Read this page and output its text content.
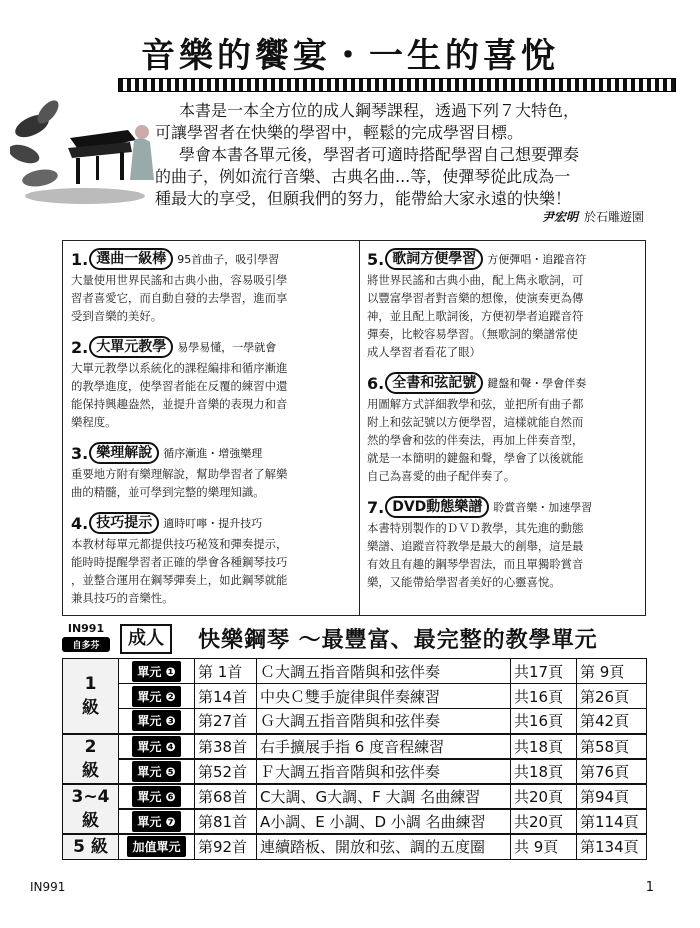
音樂的饗宴・一生的喜悅

本書是一本全方位的成人鋼琴課程，透過下列７大特色，

可讓學習者在快樂的學習中，輕鬆的完成學習目標。

學會本書各單元後，學習者可適時搭配學習自己想要彈奏

的曲子，例如流行音樂、古典名曲...等，使彈琴從此成為一

種最大的享受，但願我們的努力，能帶給大家永遠的快樂！

尹宏明 於石雕遊園
1. 選曲一級棒	95首曲子，吸引學習
大量使用世界民謠和古典小曲，容易吸引學
習者喜愛它，而自動自發的去學習，進而享
受到音樂的美好。
2. 大單元教學	易學易懂，一學就會
大單元教學以系統化的課程編排和循序漸進
的教學進度，使學習者能在反覆的練習中還
能保持興趣盎然，並提升音樂的表現力和音
樂程度。
3. 樂理解說	循序漸進・增強樂理
重要地方附有樂理解說，幫助學習者了解樂
曲的精髓，並可學到完整的樂理知識。
4. 技巧提示	適時叮嚀・提升技巧
本教材每單元都提供技巧秘笈和彈奏提示，
能時時提醒學習者正確的學會各種鋼琴技巧
，並整合運用在鋼琴彈奏上，如此鋼琴就能
兼具技巧的音樂性。
5. 歌詞方便學習	方便彈唱・追蹤音符
將世界民謠和古典小曲，配上雋永歌詞，可
以豐富學習者對音樂的想像，使演奏更為傳
神，並且配上歌詞後，方便初學者追蹤音符
彈奏，比較容易學習。（無歌詞的樂譜常使
成人學習者看花了眼）
6. 全書和弦記號	鍵盤和聲・學會伴奏
用圖解方式詳細教學和弦，並把所有曲子都
附上和弦記號以方便學習，這樣就能自然而
然的學會和弦的伴奏法，再加上伴奏音型，
就是一本簡明的鍵盤和聲，學會了以後就能
自己為喜愛的曲子配伴奏了。
7. DVD動態樂譜	聆賞音樂・加速學習
本書特別製作的ＤＶＤ教學，其先進的動態
樂譜、追蹤音符教學是最大的創舉，這是最
有效且有趣的鋼琴學習法，而且單獨聆賞音
樂，又能帶給學習者美好的心靈喜悅。
IN991
自多芬	成人	快樂鋼琴 ～最豐富、最完整的教學單元
1
級	單元 ❶	第 1首	Ｃ大調五指音階與和弦伴奏	共17頁	第 9頁
	單元 ❷	第14首	中央Ｃ雙手旋律與伴奏練習	共16頁	第26頁
	單元 ❸	第27首	Ｇ大調五指音階與和弦伴奏	共16頁	第42頁
2
級	單元 ❹	第38首	右手擴展手指 6 度音程練習	共18頁	第58頁
	單元 ❺	第52首	Ｆ大調五指音階與和弦伴奏	共18頁	第76頁
3~4
級	單元 ❻	第68首	C大調、G大調、F 大調 名曲練習	共20頁	第94頁
	單元 ❼	第81首	A小調、E 小調、D 小調 名曲練習	共20頁	第114頁
5 級	加值單元	第92首	連續踏板、開放和弦、調的五度圈	共 9頁	第134頁
IN991	1
